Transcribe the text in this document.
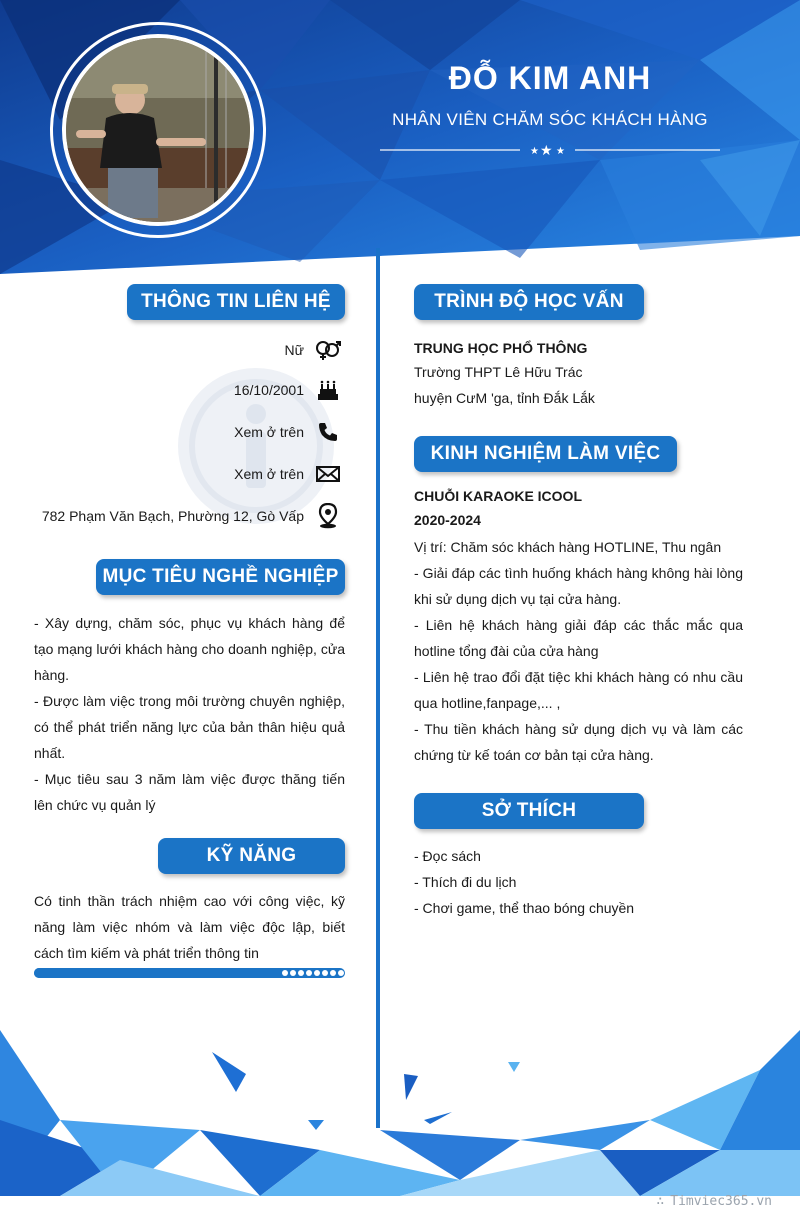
ĐỖ KIM ANH
NHÂN VIÊN CHĂM SÓC KHÁCH HÀNG
★ ★ ★
THÔNG TIN LIÊN HỆ
Nữ
16/10/2001
Xem ở trên
Xem ở trên
782 Phạm Văn Bạch, Phường 12, Gò Vấp
MỤC TIÊU NGHỀ NGHIỆP

- Xây dựng, chăm sóc, phục vụ khách hàng để tạo mạng lưới khách hàng cho doanh nghiệp, cửa hàng.

- Được làm việc trong môi trường chuyên nghiệp, có thể phát triển năng lực của bản thân hiệu quả nhất.

- Mục tiêu sau 3 năm làm việc được thăng tiến lên chức vụ quản lý

KỸ NĂNG
Có tinh thần trách nhiệm cao với công việc, kỹ năng làm việc nhóm và làm việc độc lập, biết cách tìm kiếm và phát triển thông tin
TRÌNH ĐỘ HỌC VẤN
TRUNG HỌC PHỔ THÔNG
Trường THPT Lê Hữu Trác
huyện CưM 'ga, tỉnh Đắk Lắk
KINH NGHIỆM LÀM VIỆC
CHUỖI KARAOKE ICOOL
2020-2024

Vị trí: Chăm sóc khách hàng HOTLINE, Thu ngân

- Giải đáp các tình huống khách hàng không hài lòng khi sử dụng dịch vụ tại cửa hàng.

- Liên hệ khách hàng giải đáp các thắc mắc qua hotline tổng đài của cửa hàng

- Liên hệ trao đổi đặt tiệc khi khách hàng có nhu cầu qua hotline,fanpage,... ,

- Thu tiền khách hàng sử dụng dịch vụ và làm các chứng từ kế toán cơ bản tại cửa hàng.

SỞ THÍCH

- Đọc sách

- Thích đi du lịch

- Chơi game, thể thao bóng chuyền

∴ Timviec365.vn
